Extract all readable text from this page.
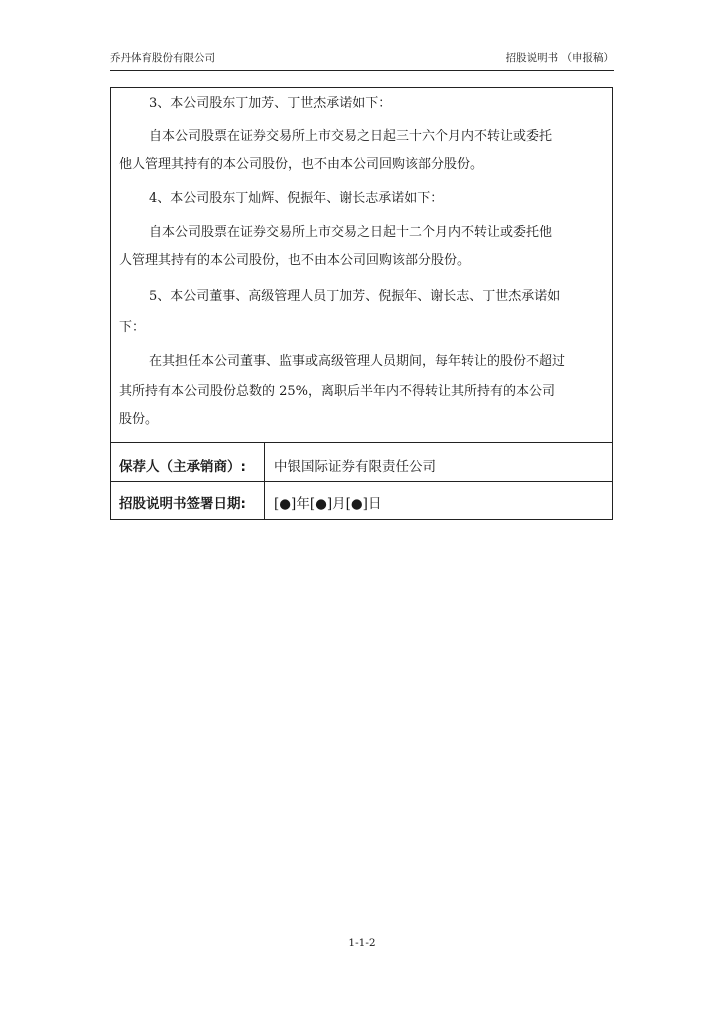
乔丹体育股份有限公司	招股说明书 （申报稿）
3、本公司股东丁加芳、丁世杰承诺如下：
自本公司股票在证券交易所上市交易之日起三十六个月内不转让或委托
他人管理其持有的本公司股份，也不由本公司回购该部分股份。
4、本公司股东丁灿辉、倪振年、谢长志承诺如下：
自本公司股票在证券交易所上市交易之日起十二个月内不转让或委托他
人管理其持有的本公司股份，也不由本公司回购该部分股份。
5、本公司董事、高级管理人员丁加芳、倪振年、谢长志、丁世杰承诺如
下：
在其担任本公司董事、监事或高级管理人员期间，每年转让的股份不超过
其所持有本公司股份总数的 25%，离职后半年内不得转让其所持有的本公司
股份。
保荐人（主承销商）: 中银国际证券有限责任公司
招股说明书签署日期: [●]年[●]月[●]日
1-1-2
